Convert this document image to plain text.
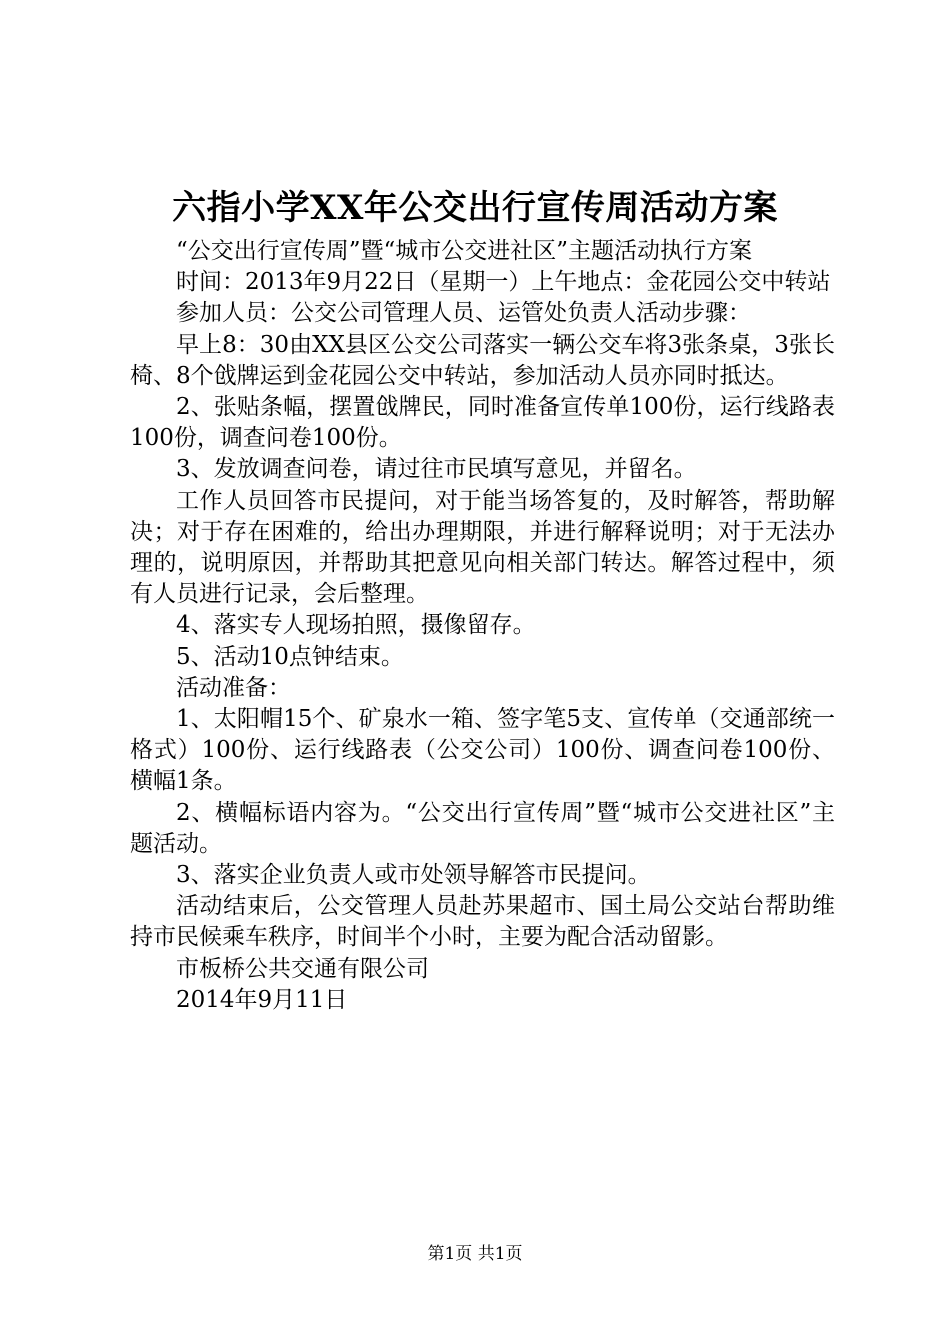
六指小学XX年公交出行宣传周活动方案

“公交出行宣传周”暨“城市公交进社区”主题活动执行方案

时间：2013年9月22日（星期一）上午地点：金花园公交中转站

参加人员：公交公司管理人员、运管处负责人活动步骤：

早上8：30由XX县区公交公司落实一辆公交车将3张条桌，3张长椅、8个戗牌运到金花园公交中转站，参加活动人员亦同时抵达。

2、张贴条幅，摆置戗牌民，同时准备宣传单100份，运行线路表100份，调查问卷100份。

3、发放调查问卷，请过往市民填写意见，并留名。

工作人员回答市民提问，对于能当场答复的，及时解答，帮助解决；对于存在困难的，给出办理期限，并进行解释说明；对于无法办理的，说明原因，并帮助其把意见向相关部门转达。解答过程中，须有人员进行记录，会后整理。

4、落实专人现场拍照，摄像留存。

5、活动10点钟结束。

活动准备：

1、太阳帽15个、矿泉水一箱、签字笔5支、宣传单（交通部统一格式）100份、运行线路表（公交公司）100份、调查问卷100份、横幅1条。

2、横幅标语内容为。“公交出行宣传周”暨“城市公交进社区”主题活动。

3、落实企业负责人或市处领导解答市民提问。

活动结束后，公交管理人员赴苏果超市、国土局公交站台帮助维持市民候乘车秩序，时间半个小时，主要为配合活动留影。

市板桥公共交通有限公司

2014年9月11日

第1页 共1页
